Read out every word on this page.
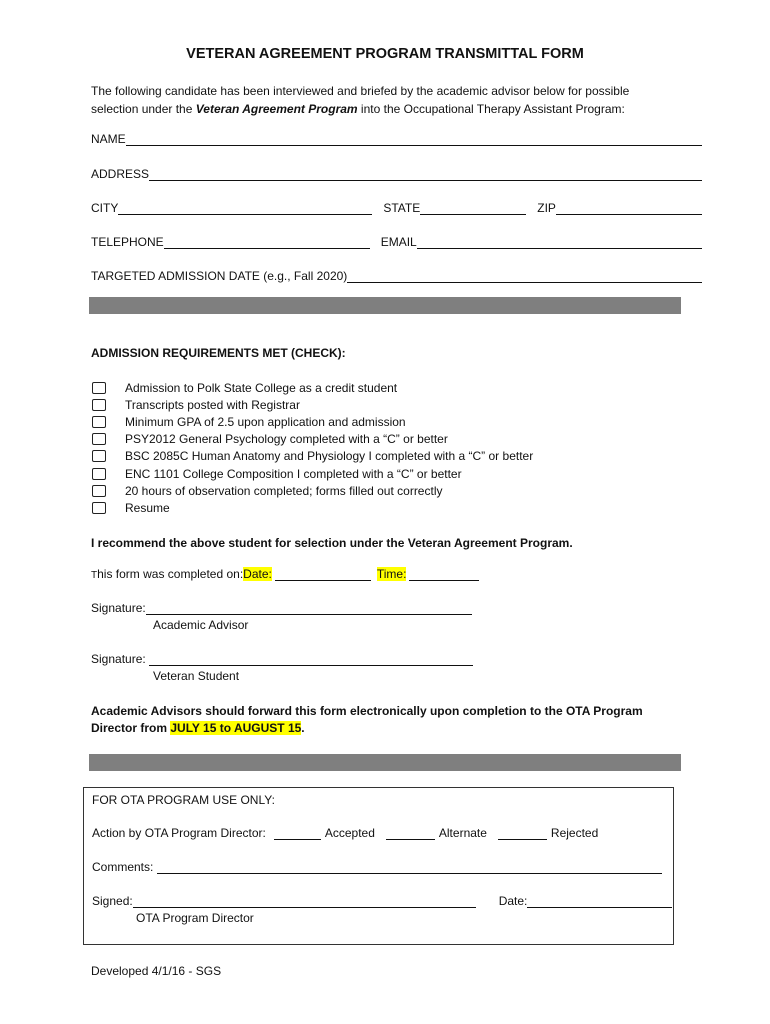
VETERAN AGREEMENT PROGRAM TRANSMITTAL FORM
The following candidate has been interviewed and briefed by the academic advisor below for possible
selection under the Veteran Agreement Program into the Occupational Therapy Assistant Program:
NAME
ADDRESS
CITY	STATE	ZIP
TELEPHONE	EMAIL
TARGETED ADMISSION DATE (e.g., Fall 2020)
ADMISSION REQUIREMENTS MET (CHECK):
Admission to Polk State College as a credit student
Transcripts posted with Registrar
Minimum GPA of 2.5 upon application and admission
PSY2012 General Psychology completed with a “C” or better
BSC 2085C Human Anatomy and Physiology I completed with a “C” or better
ENC 1101 College Composition I completed with a “C” or better
20 hours of observation completed; forms filled out correctly
Resume
I recommend the above student for selection under the Veteran Agreement Program.
T his form was completed on: Date:	Time:
Signature:
Academic Advisor
Signature:
Veteran Student
Academic Advisors should forward this form electronically upon completion to the OTA Program
Director from JULY 15 to AUGUST 15.
FOR OTA PROGRAM USE ONLY:
Action by OTA Program Director:	Accepted	Alternate	Rejected
Comments:
Signed:	Date:
OTA Program Director
Developed 4/1/16 - SGS
